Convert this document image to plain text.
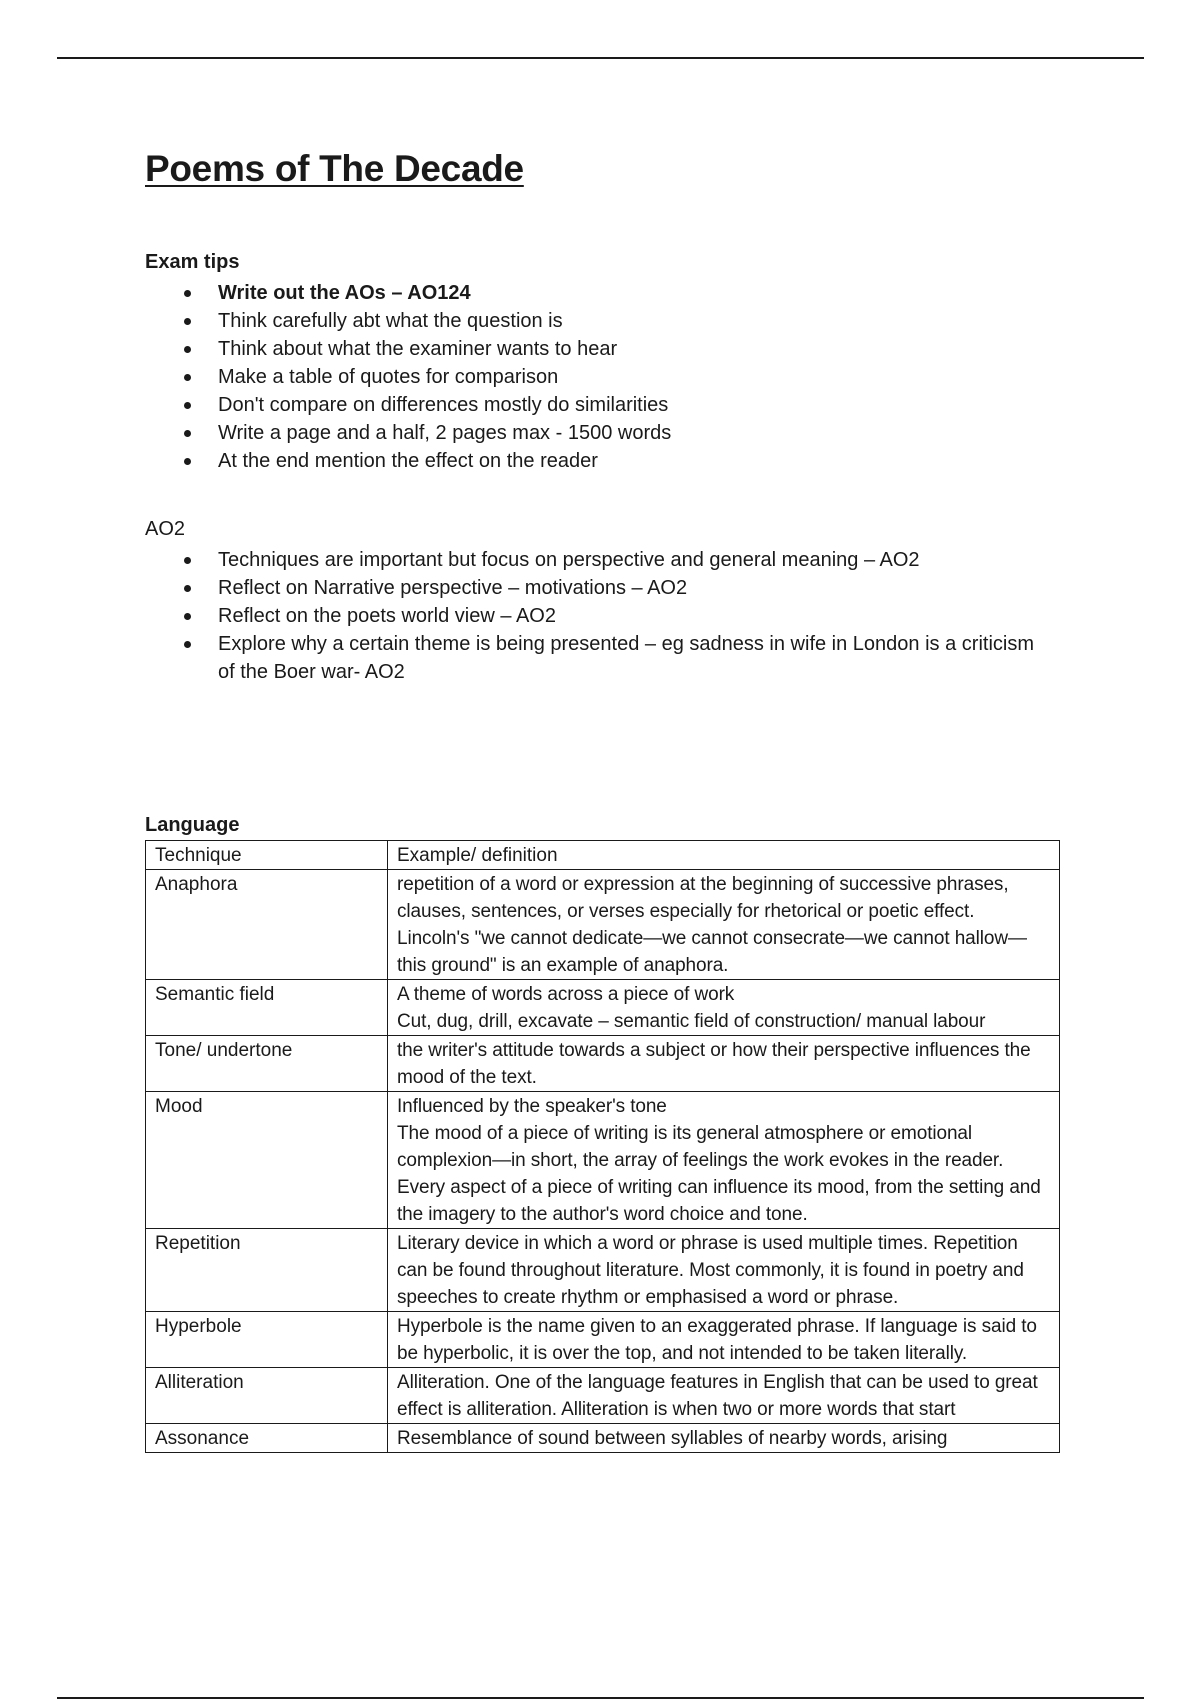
Poems of The Decade

Exam tips

Write out the AOs – AO124
Think carefully abt what the question is
Think about what the examiner wants to hear
Make a table of quotes for comparison
Don't compare on differences mostly do similarities
Write a page and a half, 2 pages max - 1500 words
At the end mention the effect on the reader

AO2

Techniques are important but focus on perspective and general meaning – AO2
Reflect on Narrative perspective – motivations – AO2
Reflect on the poets world view – AO2
Explore why a certain theme is being presented – eg sadness in wife in London is a criticism of the Boer war- AO2

Language

Technique	Example/ definition
Anaphora	repetition of a word or expression at the beginning of successive phrases, clauses, sentences, or verses especially for rhetorical or poetic effect. Lincoln's "we cannot dedicate—we cannot consecrate—we cannot hallow—this ground" is an example of anaphora.
Semantic field	A theme of words across a piece of work
Cut, dug, drill, excavate – semantic field of construction/ manual labour

Tone/ undertone	the writer's attitude towards a subject or how their perspective influences the mood of the text.
Mood	Influenced by the speaker's tone
The mood of a piece of writing is its general atmosphere or emotional complexion—in short, the array of feelings the work evokes in the reader. Every aspect of a piece of writing can influence its mood, from the setting and the imagery to the author's word choice and tone.

Repetition	Literary device in which a word or phrase is used multiple times. Repetition can be found throughout literature. Most commonly, it is found in poetry and speeches to create rhythm or emphasised a word or phrase.
Hyperbole	Hyperbole is the name given to an exaggerated phrase. If language is said to be hyperbolic, it is over the top, and not intended to be taken literally.
Alliteration	Alliteration. One of the language features in English that can be used to great effect is alliteration. Alliteration is when two or more words that start
Assonance	Resemblance of sound between syllables of nearby words, arising
